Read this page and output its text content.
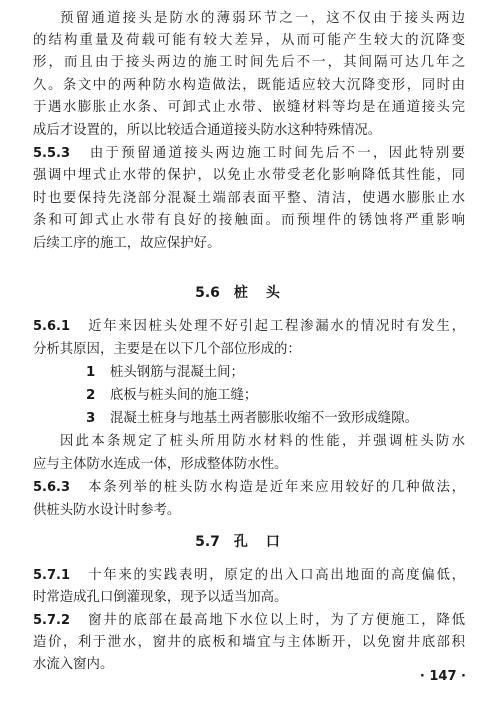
预留通道接头是防水的薄弱环节之一，这不仅由于接头两边
的结构重量及荷载可能有较大差异，从而可能产生较大的沉降变
形，而且由于接头两边的施工时间先后不一，其间隔可达几年之
久。条文中的两种防水构造做法，既能适应较大沉降变形，同时由
于遇水膨胀止水条、可卸式止水带、嵌缝材料等均是在通道接头完
成后才设置的，所以比较适合通道接头防水这种特殊情况。
5.5.3 由于预留通道接头两边施工时间先后不一，因此特别要
强调中埋式止水带的保护，以免止水带受老化影响降低其性能，同
时也要保持先浇部分混凝土端部表面平整、清洁，使遇水膨胀止水
条和可卸式止水带有良好的接触面。而预埋件的锈蚀将严重影响
后续工序的施工，故应保护好。
5.6 桩头
5.6.1 近年来因桩头处理不好引起工程渗漏水的情况时有发生，
分析其原因，主要是在以下几个部位形成的：
1 桩头钢筋与混凝土间；
2 底板与桩头间的施工缝；
3 混凝土桩身与地基土两者膨胀收缩不一致形成缝隙。
因此本条规定了桩头所用防水材料的性能，并强调桩头防水
应与主体防水连成一体，形成整体防水性。
5.6.3 本条列举的桩头防水构造是近年来应用较好的几种做法，
供桩头防水设计时参考。
5.7 孔口
5.7.1 十年来的实践表明，原定的出入口高出地面的高度偏低，
时常造成孔口倒灌现象，现予以适当加高。
5.7.2 窗井的底部在最高地下水位以上时，为了方便施工，降低
造价，利于泄水，窗井的底板和墙宜与主体断开，以免窗井底部积
水流入窗内。
· 147 ·
